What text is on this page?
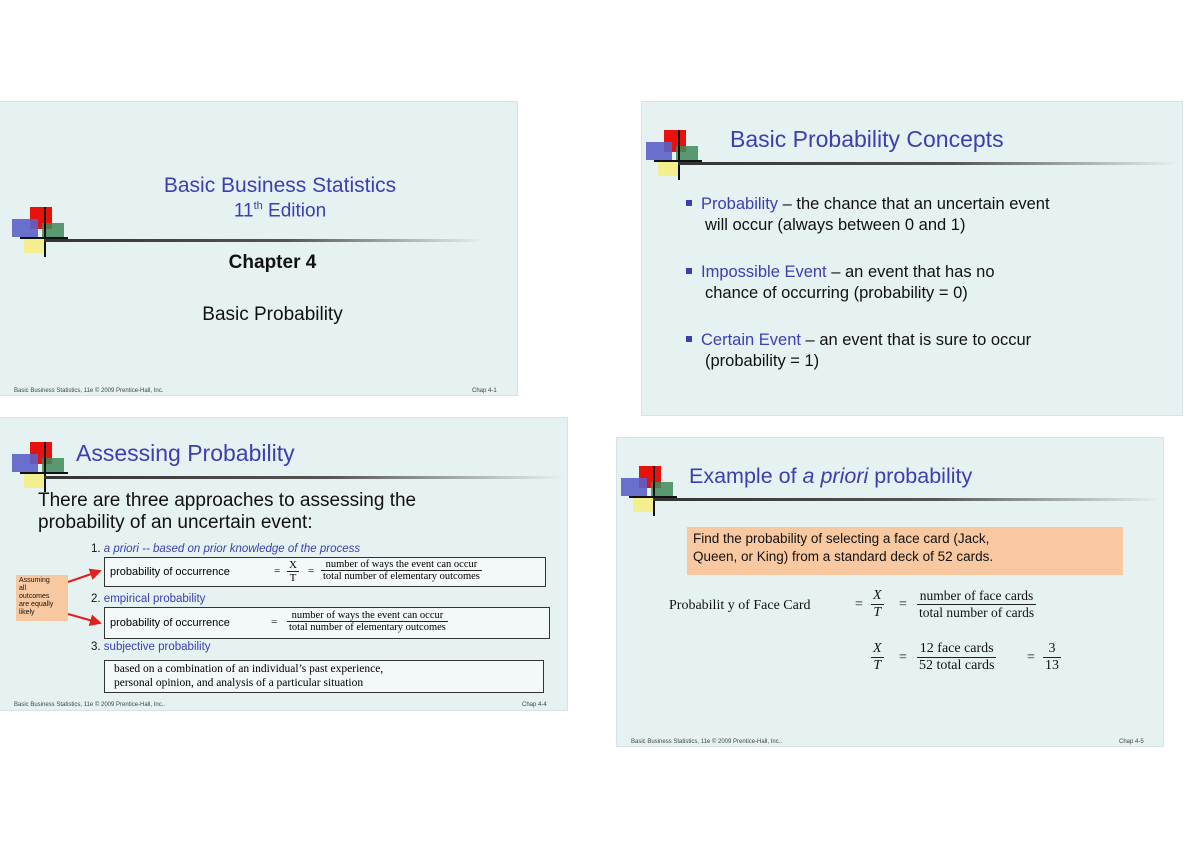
Basic Business Statistics
11th Edition
Chapter 4
Basic Probability
Basic Business Statistics, 11e © 2009 Prentice-Hall, Inc.	Chap 4-1
Basic Probability Concepts
Probability – the chance that an uncertain event
will occur (always between 0 and 1)
Impossible Event – an event that has no
chance of occurring (probability = 0)
Certain Event – an event that is sure to occur
(probability = 1)
Assessing Probability
There are three approaches to assessing the
probability of an uncertain event:
1. a priori -- based on prior knowledge of the process
probability of occurrence	= $\frac{X}{T}$ =
number of ways the event can occur
total number of elementary outcomes
2. empirical probability
probability of occurrence	=
number of ways the event can occur
total number of elementary outcomes
3. subjective probability
based on a combination of an individual’s past experience,
personal opinion, and analysis of a particular situation
Assuming
all
outcomes
are equally
likely
Basic Business Statistics, 11e © 2009 Prentice-Hall, Inc..	Chap 4-4
Example of a priori probability
Find the probability of selecting a face card (Jack,
Queen, or King) from a standard deck of 52 cards.
Probabilit y of Face Card	= $\frac{X}{T}$ =
number of face cards
total number of cards
$\frac{X}{T}$ =
12 face cards
52 total cards
= $\frac{3}{13}$
Basic Business Statistics, 11e © 2009 Prentice-Hall, Inc..	Chap 4-5
